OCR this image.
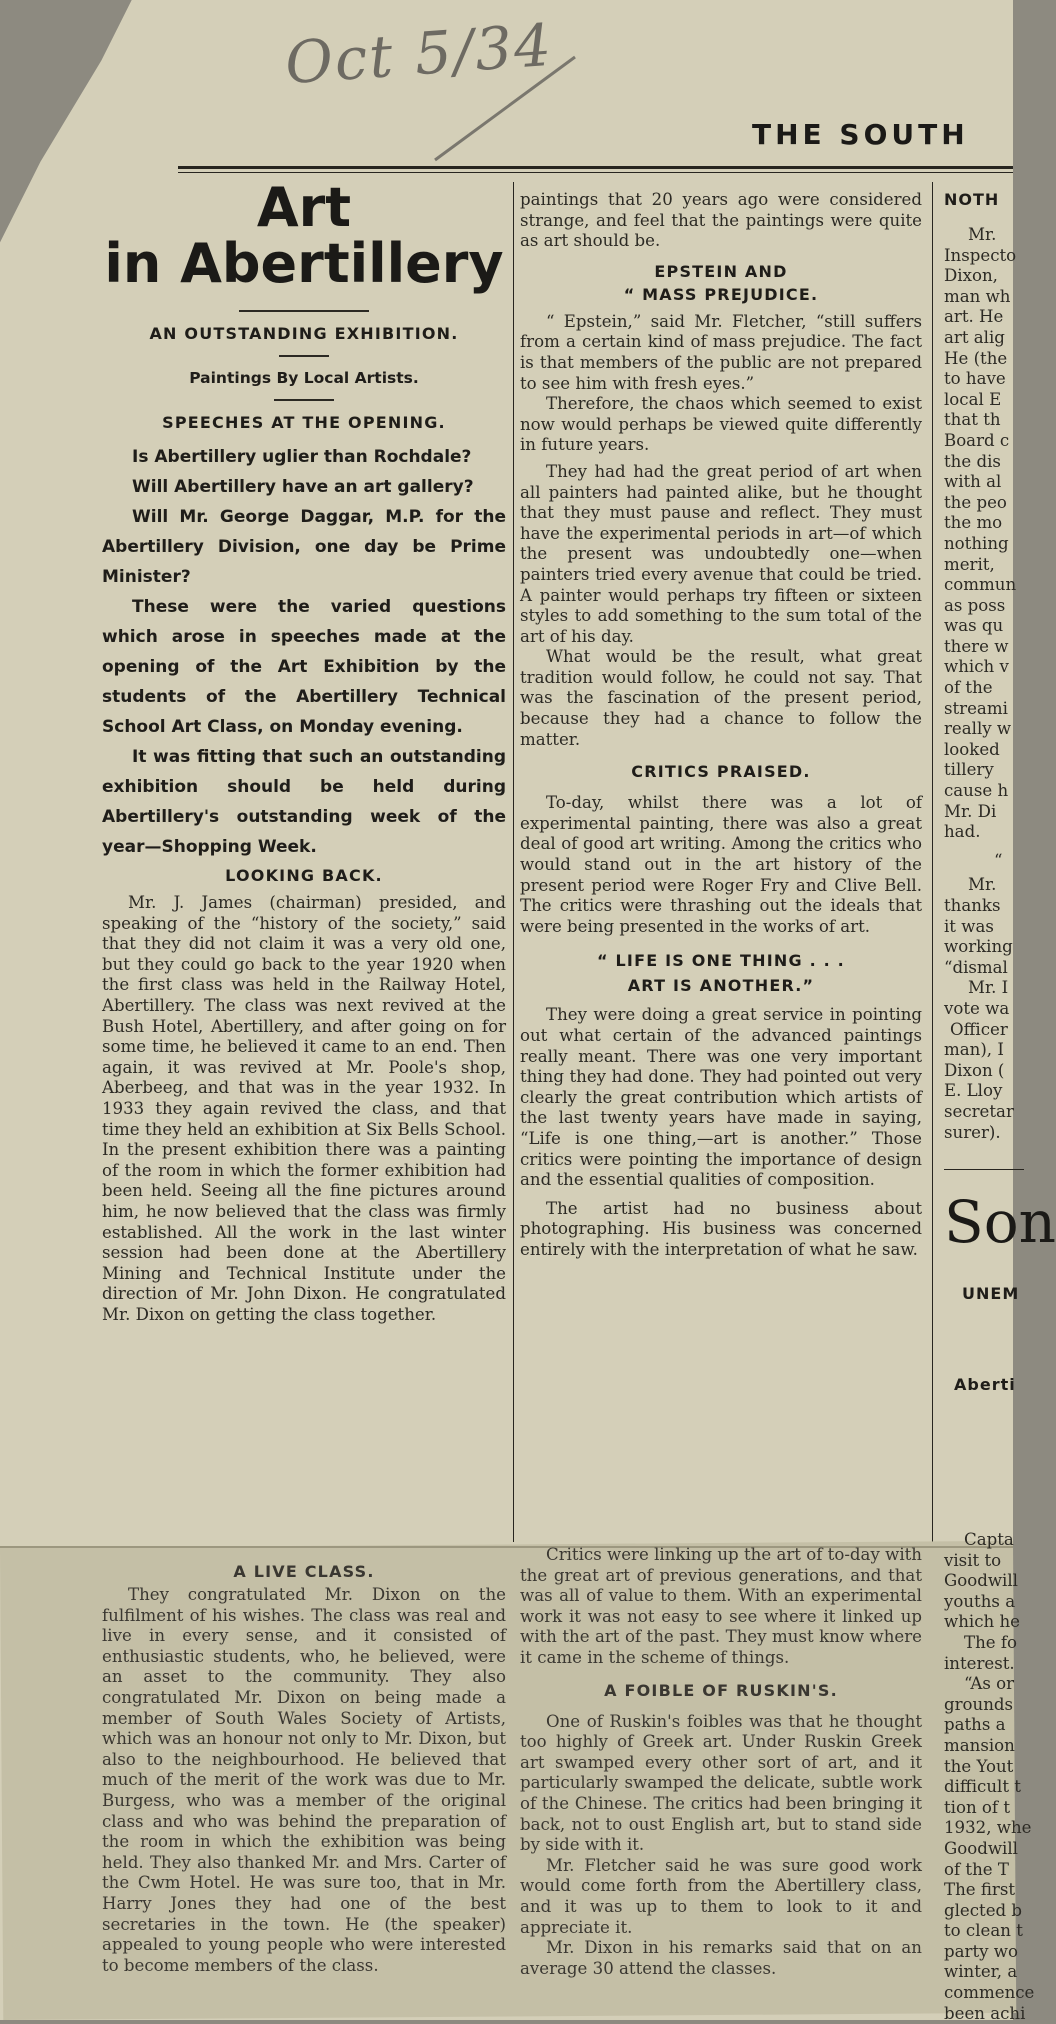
Oct 5/34
THE SOUTH
Art
in Abertillery
AN OUTSTANDING EXHIBITION.
Paintings By Local Artists.
SPEECHES AT THE OPENING.

Is Abertillery uglier than Rochdale?

Will Abertillery have an art gallery?

Will Mr. George Daggar, M.P. for the Abertillery Division, one day be Prime Minister?

These were the varied questions which arose in speeches made at the opening of the Art Exhibition by the students of the Abertillery Technical School Art Class, on Monday evening.

It was fitting that such an outstanding exhibition should be held during Abertillery's outstanding week of the year—Shopping Week.

LOOKING BACK.

Mr. J. James (chairman) presided, and speaking of the “history of the society,” said that they did not claim it was a very old one, but they could go back to the year 1920 when the first class was held in the Railway Hotel, Abertillery. The class was next revived at the Bush Hotel, Abertillery, and after going on for some time, he believed it came to an end. Then again, it was revived at Mr. Poole's shop, Aberbeeg, and that was in the year 1932. In 1933 they again revived the class, and that time they held an exhibition at Six Bells School. In the present exhibition there was a painting of the room in which the former exhibition had been held. Seeing all the fine pictures around him, he now believed that the class was firmly established. All the work in the last winter session had been done at the Abertillery Mining and Technical Institute under the direction of Mr. John Dixon. He congratulated Mr. Dixon on getting the class together.

paintings that 20 years ago were considered strange, and feel that the paintings were quite as art should be.

EPSTEIN AND
“ MASS PREJUDICE.

“ Epstein,” said Mr. Fletcher, “still suffers from a certain kind of mass prejudice. The fact is that members of the public are not prepared to see him with fresh eyes.”

Therefore, the chaos which seemed to exist now would perhaps be viewed quite differently in future years.

They had had the great period of art when all painters had painted alike, but he thought that they must pause and reflect. They must have the experimental periods in art—of which the present was undoubtedly one—when painters tried every avenue that could be tried. A painter would perhaps try fifteen or sixteen styles to add something to the sum total of the art of his day.

What would be the result, what great tradition would follow, he could not say. That was the fascination of the present period, because they had a chance to follow the matter.

CRITICS PRAISED.

To-day, whilst there was a lot of experimental painting, there was also a great deal of good art writing. Among the critics who would stand out in the art history of the present period were Roger Fry and Clive Bell. The critics were thrashing out the ideals that were being presented in the works of art.

“ LIFE IS ONE THING . . .
ART IS ANOTHER.”

They were doing a great service in pointing out what certain of the advanced paintings really meant. There was one very important thing they had done. They had pointed out very clearly the great contribution which artists of the last twenty years have made in saying, “Life is one thing,—art is another.” Those critics were pointing the importance of design and the essential qualities of composition.

The artist had no business about photographing. His business was concerned entirely with the interpretation of what he saw.

NOTH
Mr.
Inspecto
Dixon,
man wh
art. He
art alig
He (the
to have
local E
that th
Board c
the dis
with al
the peo
the mo
nothing
merit,
commun
as poss
was qu
there w
which v
of the
streami
really w
looked
tillery
cause h
Mr. Di
had.
“
Mr.
thanks
it was
working
“dismal
Mr. I
vote wa
Officer
man), I
Dixon (
E. Lloy
secretar
surer).
Son
UNEM
Aberti
A LIVE CLASS.

They congratulated Mr. Dixon on the fulfilment of his wishes. The class was real and live in every sense, and it consisted of enthusiastic students, who, he believed, were an asset to the community. They also congratulated Mr. Dixon on being made a member of South Wales Society of Artists, which was an honour not only to Mr. Dixon, but also to the neighbourhood. He believed that much of the merit of the work was due to Mr. Burgess, who was a member of the original class and who was behind the preparation of the room in which the exhibition was being held. They also thanked Mr. and Mrs. Carter of the Cwm Hotel. He was sure too, that in Mr. Harry Jones they had one of the best secretaries in the town. He (the speaker) appealed to young people who were interested to become members of the class.

Critics were linking up the art of to-day with the great art of previous generations, and that was all of value to them. With an experimental work it was not easy to see where it linked up with the art of the past. They must know where it came in the scheme of things.

A FOIBLE OF RUSKIN'S.

One of Ruskin's foibles was that he thought too highly of Greek art. Under Ruskin Greek art swamped every other sort of art, and it particularly swamped the delicate, subtle work of the Chinese. The critics had been bringing it back, not to oust English art, but to stand side by side with it.

Mr. Fletcher said he was sure good work would come forth from the Abertillery class, and it was up to them to look to it and appreciate it.

Mr. Dixon in his remarks said that on an average 30 attend the classes.

Capta
visit to
Goodwill
youths a
which he
The fo
interest.
“As or
grounds
paths a
mansion
the Yout
difficult t
tion of t
1932, whe
Goodwill
of the T
The first
glected b
to clean t
party wo
winter, a
commence
been achi
